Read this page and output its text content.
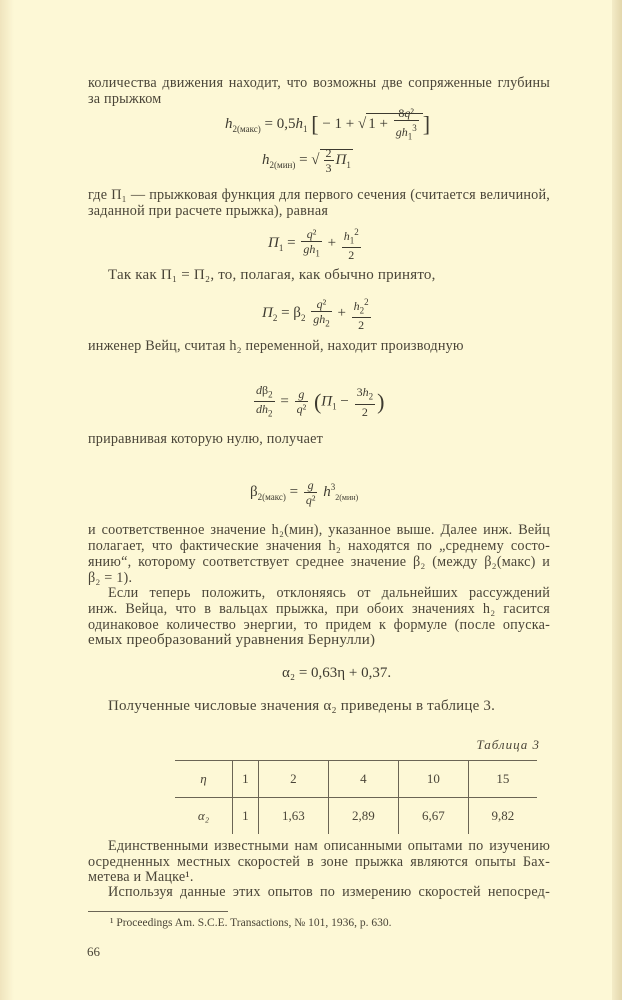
количества движения находит, что возможны две сопряженные глубины
за прыжком
$h_{2(макс)} = 0,5h_1$ [ − 1 + √ $1 + \frac{\text{8q²}}{gh_1^3}$ ]
$h_{2(мин)}$ = √ $\frac{2}{3} П_1$
где П₁ — прыжковая функция для первого сечения (считается величиной,
заданной при расчете прыжка), равная
$П_1 = \frac{\text{q²}}{gh_1} + \frac{h_1^2}{2}$
Так как П₁ = П₂, то, полагая, как обычно принято,
$П_2 = \beta_2 \frac{\text{q²}}{gh_2} + \frac{h_2^2}{2}$
инженер Вейц, считая h₂ переменной, находит производную
$\frac{d\beta_2}{dh_2} = \frac{g}{\text{q²}} (П_1 - \frac{3h_2}{2}$ )
приравнивая которую нулю, получает
$\beta_{2(макс)} = \frac{g}{\text{q²}} h^3_{2(мин)}$
и соответственное значение h₂(мин), указанное выше. Далее инж. Вейц
полагает, что фактические значения h₂ находятся по „среднему состо-
янию“, которому соответствует среднее значение β₂ (между β₂(макс) и
β₂ = 1).
Если теперь положить, отклоняясь от дальнейших рассуждений
инж. Вейца, что в вальцах прыжка, при обоих значениях h₂ гасится
одинаковое количество энергии, то придем к формуле (после опуска-
емых преобразований уравнения Бернулли)
α₂ = 0,63η + 0,37.
Полученные числовые значения α₂ приведены в таблице 3.
Таблица 3
η	1	2	4	10	15
α₂	1	1,63	2,89	6,67	9,82
Единственными известными нам описанными опытами по изучению
осредненных местных скоростей в зоне прыжка являются опыты Бах-
метева и Мацке¹.
Используя данные этих опытов по измерению скоростей непосред-
¹ Proceedings Am. S.C.E. Transactions, № 101, 1936, p. 630.
66
